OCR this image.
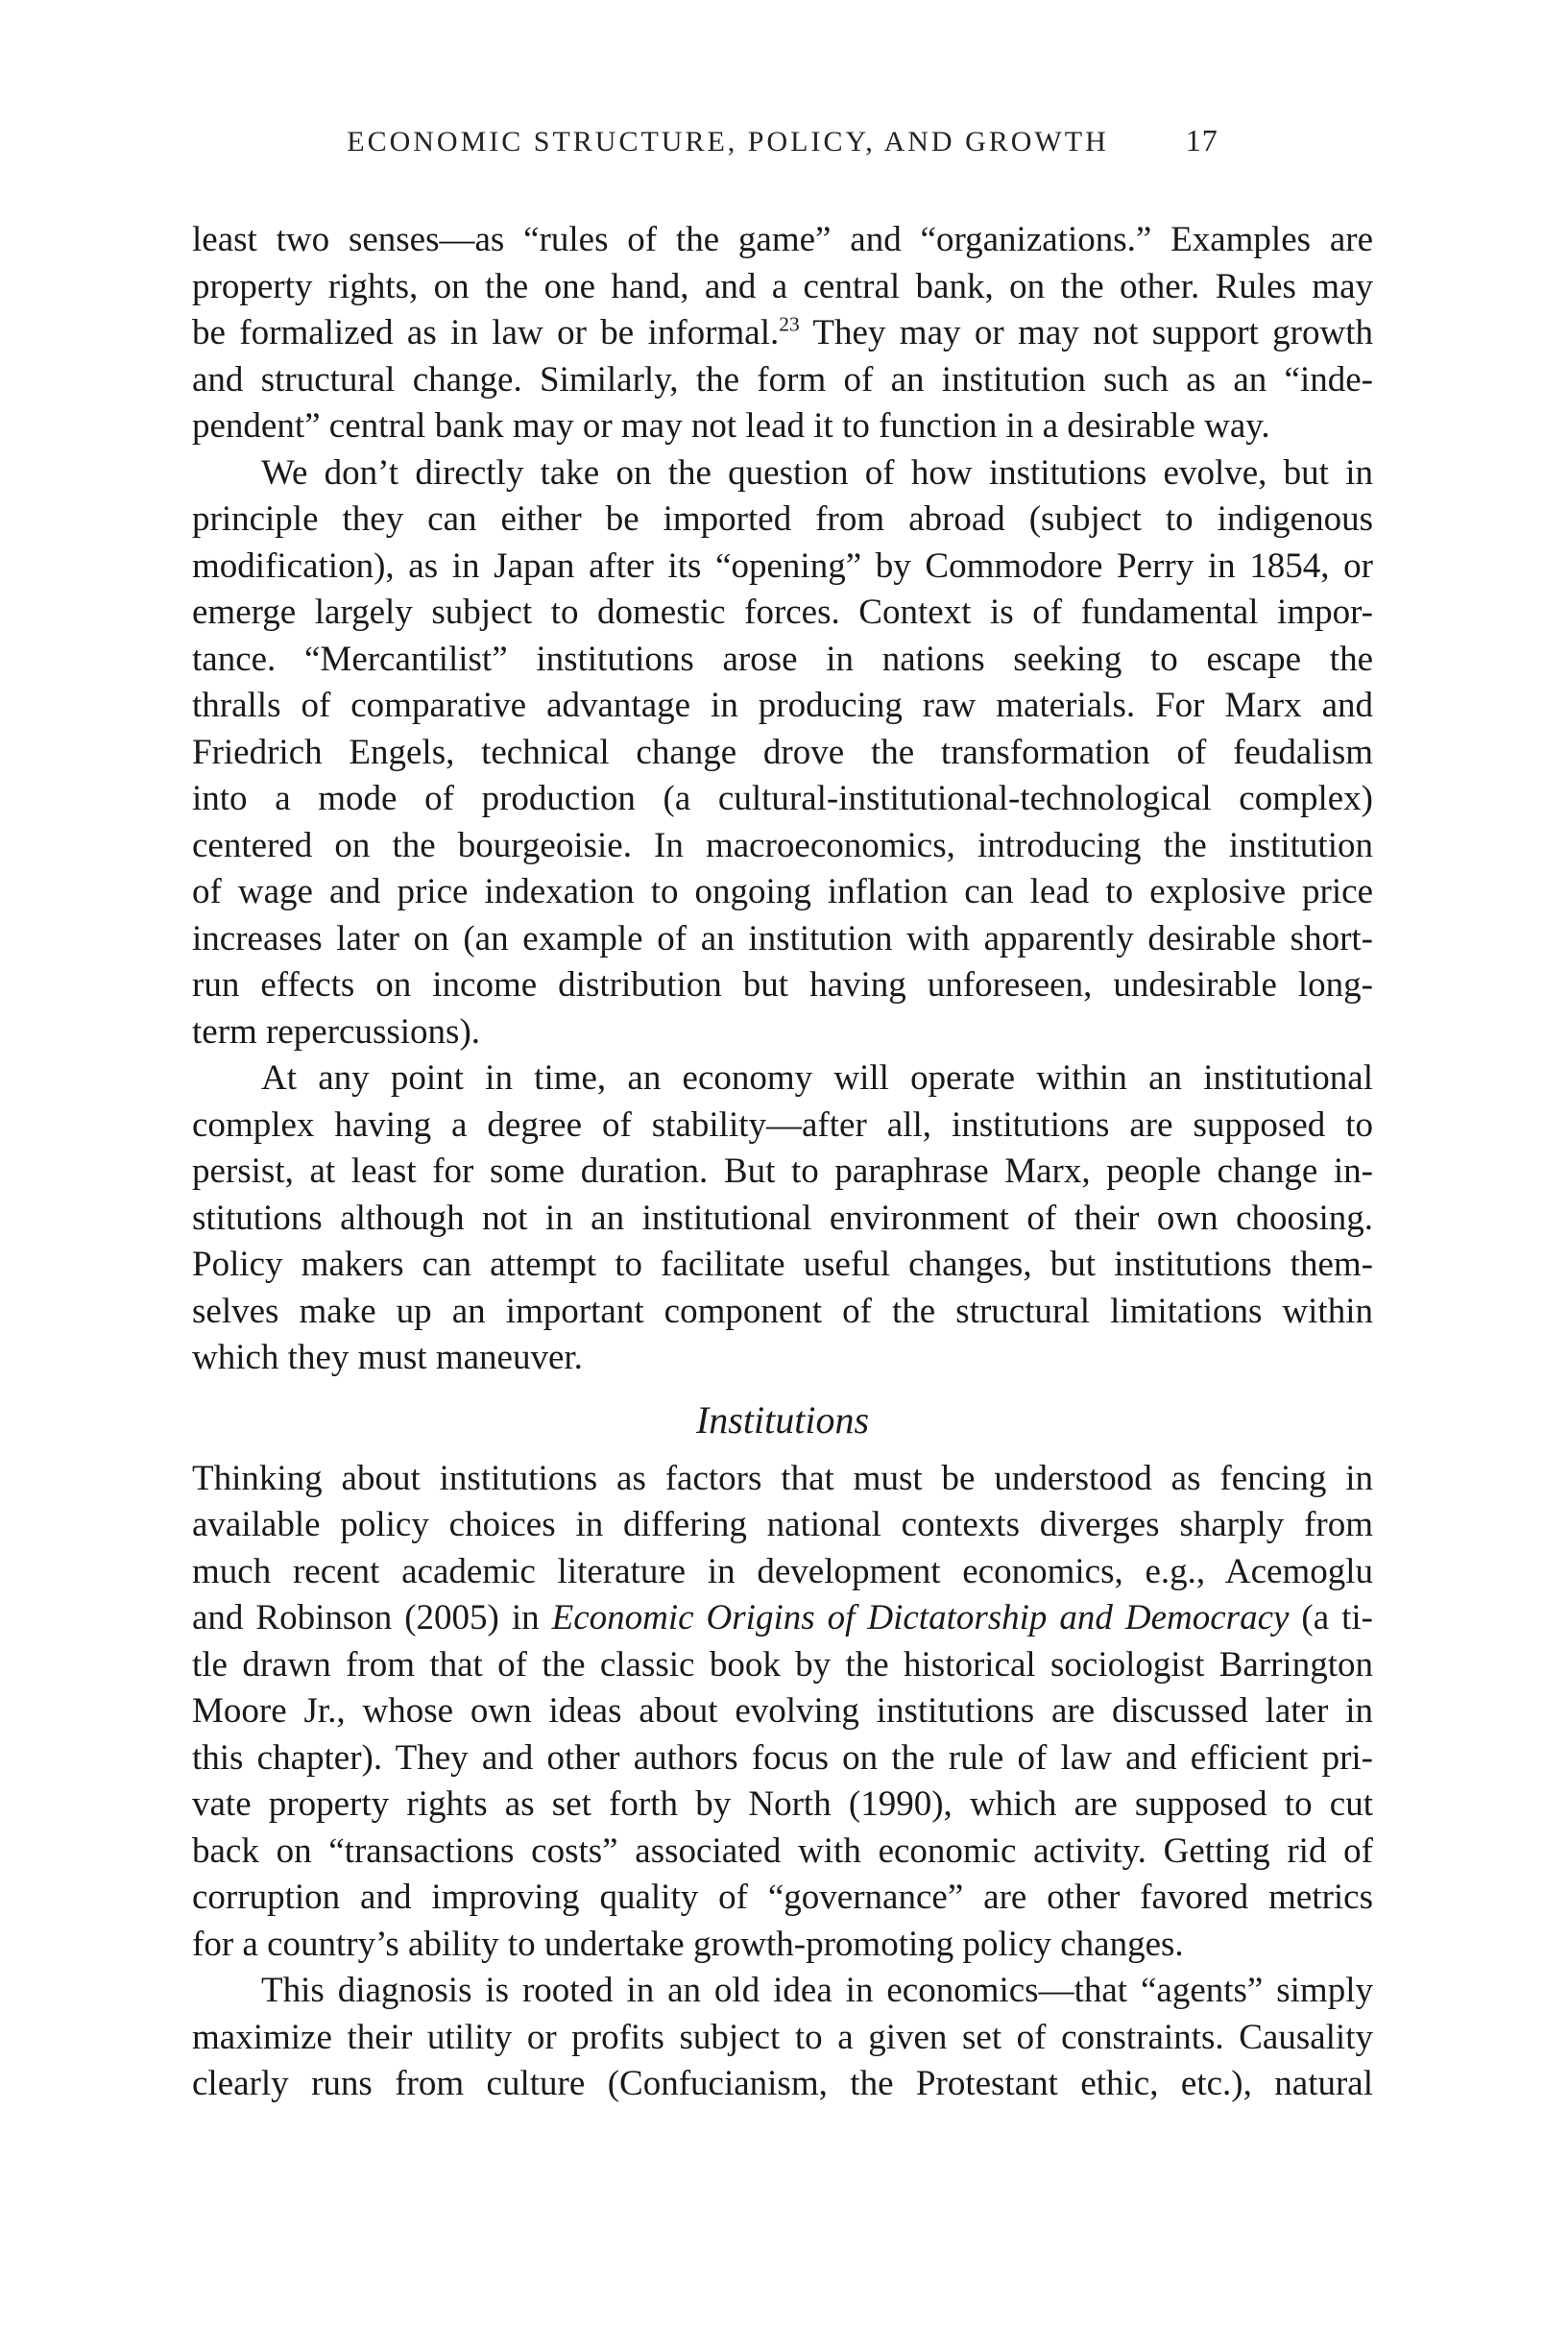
ECONOMIC STRUCTURE, POLICY, AND GROWTH	17
least two senses—as “rules of the game” and “organizations.” Examples are
property rights, on the one hand, and a central bank, on the other. Rules may
be formalized as in law or be informal.$^{23}$ They may or may not support growth
and structural change. Similarly, the form of an institution such as an “inde-
pendent” central bank may or may not lead it to function in a desirable way.
We don’t directly take on the question of how institutions evolve, but in
principle they can either be imported from abroad (subject to indigenous
modification), as in Japan after its “opening” by Commodore Perry in 1854, or
emerge largely subject to domestic forces. Context is of fundamental impor-
tance. “Mercantilist” institutions arose in nations seeking to escape the
thralls of comparative advantage in producing raw materials. For Marx and
Friedrich Engels, technical change drove the transformation of feudalism
into a mode of production (a cultural-institutional-technological complex)
centered on the bourgeoisie. In macroeconomics, introducing the institution
of wage and price indexation to ongoing inflation can lead to explosive price
increases later on (an example of an institution with apparently desirable short-
run effects on income distribution but having unforeseen, undesirable long-
term repercussions).
At any point in time, an economy will operate within an institutional
complex having a degree of stability—after all, institutions are supposed to
persist, at least for some duration. But to paraphrase Marx, people change in-
stitutions although not in an institutional environment of their own choosing.
Policy makers can attempt to facilitate useful changes, but institutions them-
selves make up an important component of the structural limitations within
which they must maneuver.
Institutions
Thinking about institutions as factors that must be understood as fencing in
available policy choices in differing national contexts diverges sharply from
much recent academic literature in development economics, e.g., Acemoglu
and Robinson (2005) in Economic Origins of Dictatorship and Democracy (a ti-
tle drawn from that of the classic book by the historical sociologist Barrington
Moore Jr., whose own ideas about evolving institutions are discussed later in
this chapter). They and other authors focus on the rule of law and efficient pri-
vate property rights as set forth by North (1990), which are supposed to cut
back on “transactions costs” associated with economic activity. Getting rid of
corruption and improving quality of “governance” are other favored metrics
for a country’s ability to undertake growth-promoting policy changes.
This diagnosis is rooted in an old idea in economics—that “agents” simply
maximize their utility or profits subject to a given set of constraints. Causality
clearly runs from culture (Confucianism, the Protestant ethic, etc.), natural
